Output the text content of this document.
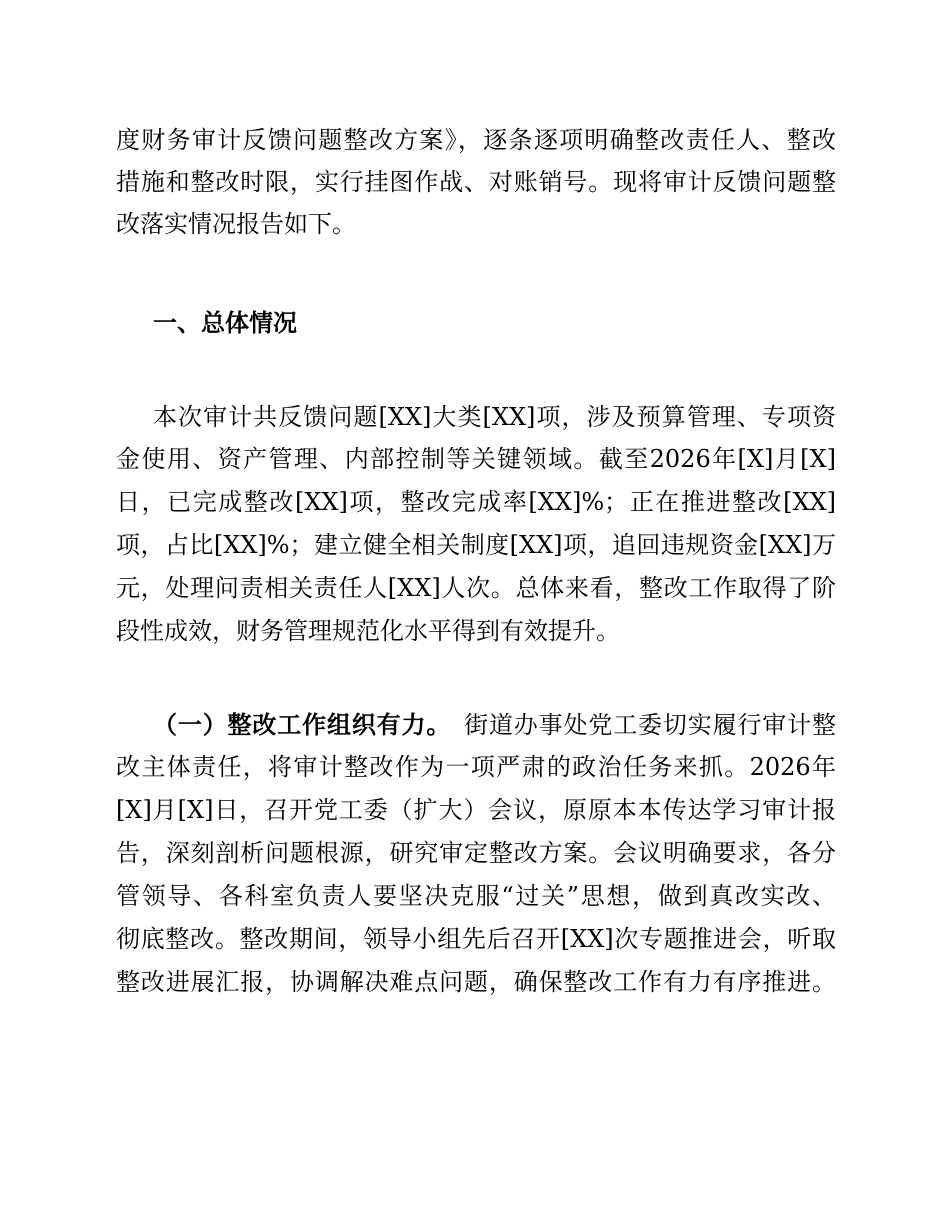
度财务审计反馈问题整改方案》，逐条逐项明确整改责任人、整改
措施和整改时限，实行挂图作战、对账销号。现将审计反馈问题整
改落实情况报告如下。
一、总体情况
本次审计共反馈问题[XX]大类[XX]项，涉及预算管理、专项资
金使用、资产管理、内部控制等关键领域。截至2026年[X]月[X]
日，已完成整改[XX]项，整改完成率[XX]%；正在推进整改[XX]
项，占比[XX]%；建立健全相关制度[XX]项，追回违规资金[XX]万
元，处理问责相关责任人[XX]人次。总体来看，整改工作取得了阶
段性成效，财务管理规范化水平得到有效提升。
（一）整改工作组织有力。  街道办事处党工委切实履行审计整
改主体责任，将审计整改作为一项严肃的政治任务来抓。2026年
[X]月[X]日，召开党工委（扩大）会议，原原本本传达学习审计报
告，深刻剖析问题根源，研究审定整改方案。会议明确要求，各分
管领导、各科室负责人要坚决克服“过关”思想，做到真改实改、
彻底整改。整改期间，领导小组先后召开[XX]次专题推进会，听取
整改进展汇报，协调解决难点问题，确保整改工作有力有序推进。
